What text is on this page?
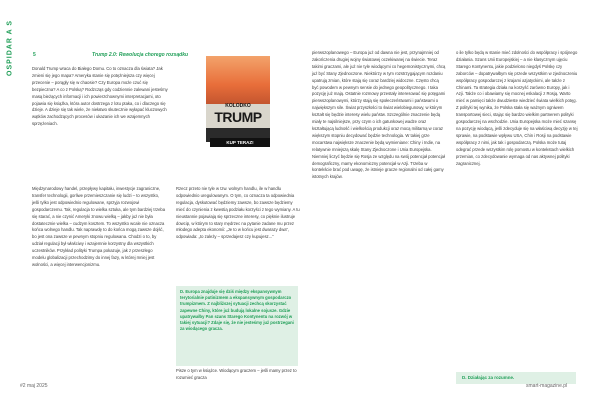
OSPIDAR A S	5	Trump 2.0: Rewolucja chorego rozsądku

Donald Trump wraca do Białego Domu. Co to oznacza dla świata? Jak zmieni się jego mapa? Ameryka stanie się potężniejsza czy więcej przecenie – porągły się w chaosie? Czy Europa może czuć się bezpieczna? A co z Polską? Rodzcząs gdy codziennie zalewani jesteśmy masą bieżących informacji i ich powierzchownymi interpretacjami, oto pojawia się książka, która autor dostrzega z lotu ptaka, co i dlaczego się dzieje. A dzieje się tak wiele, że niełatwo skutecznie wyłapać kluczowych wątków zachodzących procesów i ukazanie ich we wzajemnych sprzężeniach.

KOLODKO
TRUMP
KUP TERAZ!

Międzynarodowy handel, przepływy kapitału, inwestycje zagraniczne, transfer technologii, gorliwe przemieszczanie się ludzi – to wszystko, jeśli tylko jest odpowiednio regulowane, sprzyja rozwojowi gospodarczemu. Tak, regulacja to wielka sztuka, ale tym bardziej trzeba się starać, a nie czynić Ameryki znowu wielką – jakby już nie była dostatecznie wielka – cudzym kosztem. To wszystko wcale nie oznacza końca wolnego handlu. Tak naprawdę to do końca mogą zawsze dojść, bo jest ona zawsze w pewnym stopniu regulowana. Chodzi o to, by udział regulacji był właściwy i wzajemnie korzystny dla wszystkich uczestników. Przykład polityki Trumpa pokazuje, jak z przeszłego modelu globalizacji przechodzimy do innej fazy, w której mniej jest wolności, a więcej interwencjonizmu.

Rzecz przeto nie tyle w tzw. wolnym handlu, ile w handlu odpowiednio uregulowanym. O tym, co oznacza ta odpowiednia regulacja, dyskutować będziemy zawsze, bo zawsze będziemy mieć do czynienia z kwestią podziału korzyści z tego wymiany. A tu nieustannie pojawiają się sprzeczne interesy, co pięknie ilustruje dowcip, w którym to stary mędrzec na pytanie zadane mu przez młodego adepta ekonomii: „Je to w końcu jest dwarazy dwa”, odpowiada: „to zależy – sprzedajesz czy kupujesz...”

D. Europa znajduje się dziś między ekspansywnym terytorialnie putinizmem a ekspansywnym gospodarczo trumpizmem. Z najbliższej sytuacji zechcą skorzystać zapewne Chiny, które już budują lokalne sojusze. Gdzie upatrywałby Pan szans Starego Kontynentu na rozwój w takiej sytuacji? Zdaje się, że nie jesteśmy już postrzegani za wiodącego gracza.

Pisze o tym w książce. Wiodącym graczem – jeśli mamy przez to rozumieć gracza

pierwszoplanowego – Europa już od dawna nie jest, przynajmniej od zakończenia drugiej wojny światowej oczekiwanej na świecie. Teraz takimi graczami, ale już nie tyle wiodącymi co hegemonistycznymi, chcą już być Stany Zjednoczone. Niektórzy w tym rozstrzygającym rozdaniu upatrują zmian, które stają się coraz bardziej widoczne. Często chcą być powodem w pewnym sensie do jednego geopolitycznego. I taka pozycję już mają. Ostatnie rozmowy przestały interesować się potęgami pierwszoplanowymi, którzy stają się społeczeństwami i państwami o największym sile. Świat przyszłości to świat wielobiegunowy, w którym kształt się będzie interesy wielu państw. Szczególnie znaczenie będą miały te najsilniejsze, przy czym o ich gatunkowej wadze oraz kształtującą ludność i wielkością produkcji oraz mocą militarną w coraz większym stopniu decydować będzie technologia. W takiej grze mocarstwa największe znaczenie będą wymieniane: Chiny i Indie, na relatywnie mniejszą skalę Stany Zjednoczone i Unia Europejska. Niemniej liczyć będzie się Rosja ze względu na swój potencjał potencjał demograficzny, mamy ekonomiczny potencjał w Azji. Trzeba w kontekście brać pod uwagę, że istnieje gracze regionalni od całej gamy istotnych krajów.

o ile tylko będą w stanie mieć zdolności do współpracy i spójnego działania. Szans Unii Europejskiej – a nie klasycznym ujęciu Starego Kontynentu, jakie podzielono niegdyś Polskę czy zaborców – dopatrywałbym się przede wszystkim w zjednoczeniu współpracy gospodarczej z krajami azjatyckimi, ale także z Chinami. Ta strategia działa na korzyść zarówno Europy, jak i Azji. Także co i obawiamy się mocnej eskalacji z Rosją. Warto mieć w pamięci także dwudzieste wiedzieć świata wielkich potęg. Z polityki tej wynika, że Polska stała się ważnym ogniwem transportowej sieci, stając się bardzo wielkim partnerem polityki gospodarczej na wschodzie. Unia Europejska może mieć szansę na pozycję wiodącą, jeśli zdecyduje się na właściwą decyzję w tej sprawie, na podstawie wpływu USA, Chin i Rosji na podstawie współpracy z nimi, jak tak i gospodarczą. Polska może tutaj odegrać przede wszystkim rolę pomostu w kontekstach wielkich przemian, co zdecydowanie wymaga od nas aktywnej polityki zagranicznej.

D. Działając za rozumne.
#2 maj 2025	smart-magazine.pl
